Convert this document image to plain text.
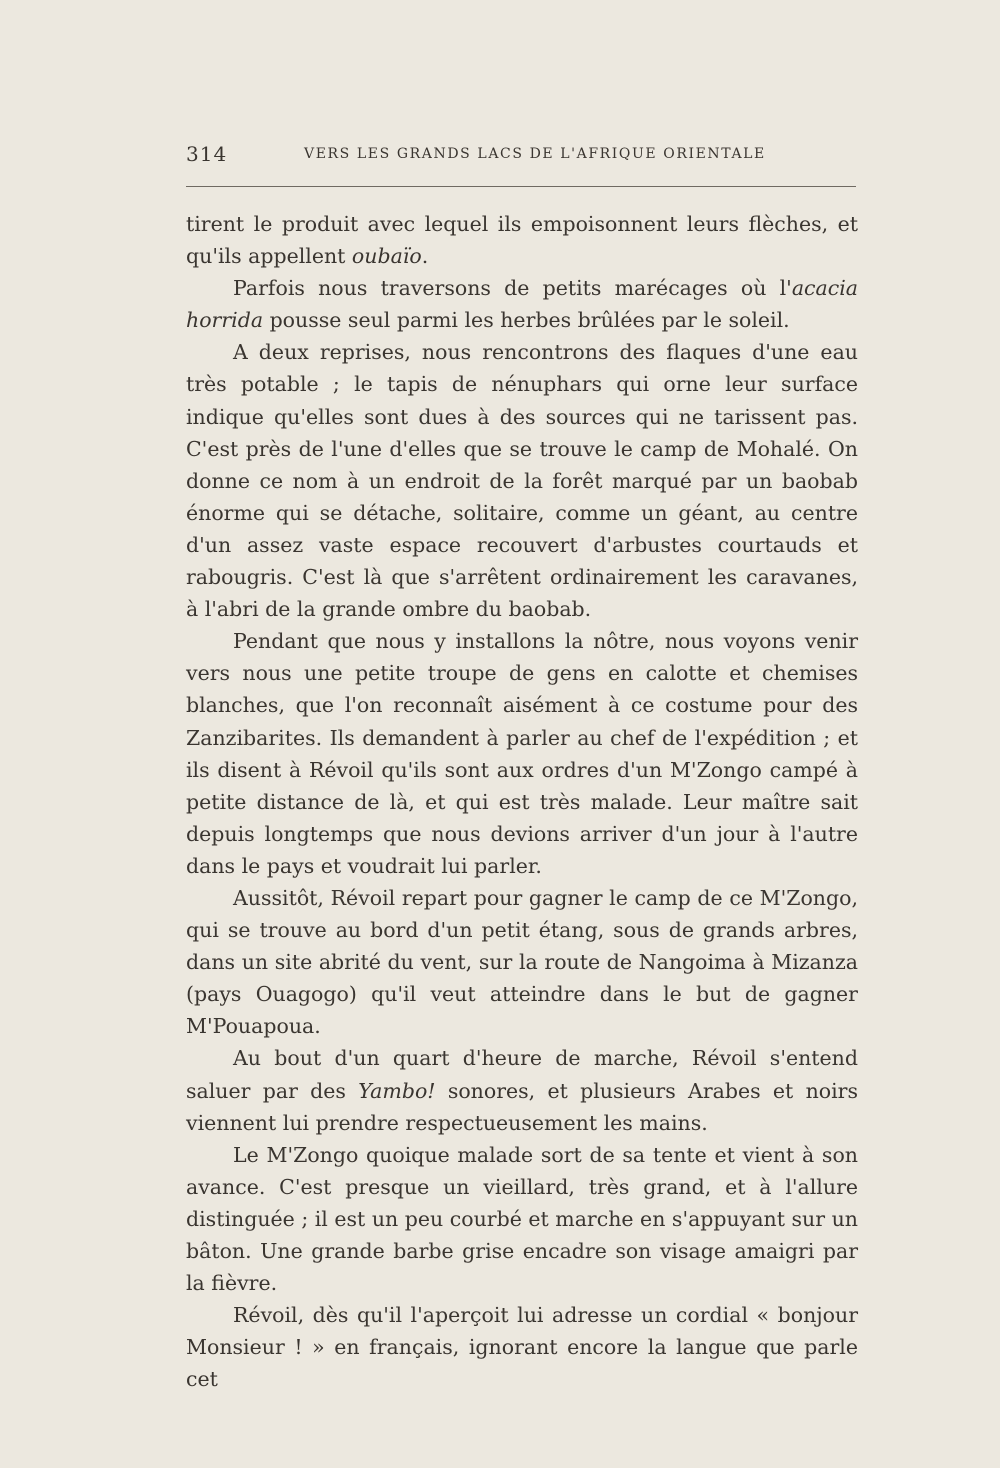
314	VERS LES GRANDS LACS DE L'AFRIQUE ORIENTALE

tirent le produit avec lequel ils empoisonnent leurs flèches, et qu'ils appellent oubaïo.

Parfois nous traversons de petits marécages où l'acacia horrida pousse seul parmi les herbes brûlées par le soleil.

A deux reprises, nous rencontrons des flaques d'une eau très potable ; le tapis de nénuphars qui orne leur surface indique qu'elles sont dues à des sources qui ne tarissent pas. C'est près de l'une d'elles que se trouve le camp de Mohalé. On donne ce nom à un endroit de la forêt marqué par un baobab énorme qui se détache, solitaire, comme un géant, au centre d'un assez vaste espace recouvert d'arbustes courtauds et rabougris. C'est là que s'arrêtent ordinairement les caravanes, à l'abri de la grande ombre du baobab.

Pendant que nous y installons la nôtre, nous voyons venir vers nous une petite troupe de gens en calotte et chemises blanches, que l'on reconnaît aisément à ce costume pour des Zanzibarites. Ils demandent à parler au chef de l'expédition ; et ils disent à Révoil qu'ils sont aux ordres d'un M'Zongo campé à petite distance de là, et qui est très malade. Leur maître sait depuis longtemps que nous devions arriver d'un jour à l'autre dans le pays et voudrait lui parler.

Aussitôt, Révoil repart pour gagner le camp de ce M'Zongo, qui se trouve au bord d'un petit étang, sous de grands arbres, dans un site abrité du vent, sur la route de Nangoima à Mizanza (pays Ouagogo) qu'il veut atteindre dans le but de gagner M'Pouapoua.

Au bout d'un quart d'heure de marche, Révoil s'entend saluer par des Yambo! sonores, et plusieurs Arabes et noirs viennent lui prendre respectueusement les mains.

Le M'Zongo quoique malade sort de sa tente et vient à son avance. C'est presque un vieillard, très grand, et à l'allure distinguée ; il est un peu courbé et marche en s'appuyant sur un bâton. Une grande barbe grise encadre son visage amaigri par la fièvre.

Révoil, dès qu'il l'aperçoit lui adresse un cordial « bonjour Monsieur ! » en français, ignorant encore la langue que parle cet
